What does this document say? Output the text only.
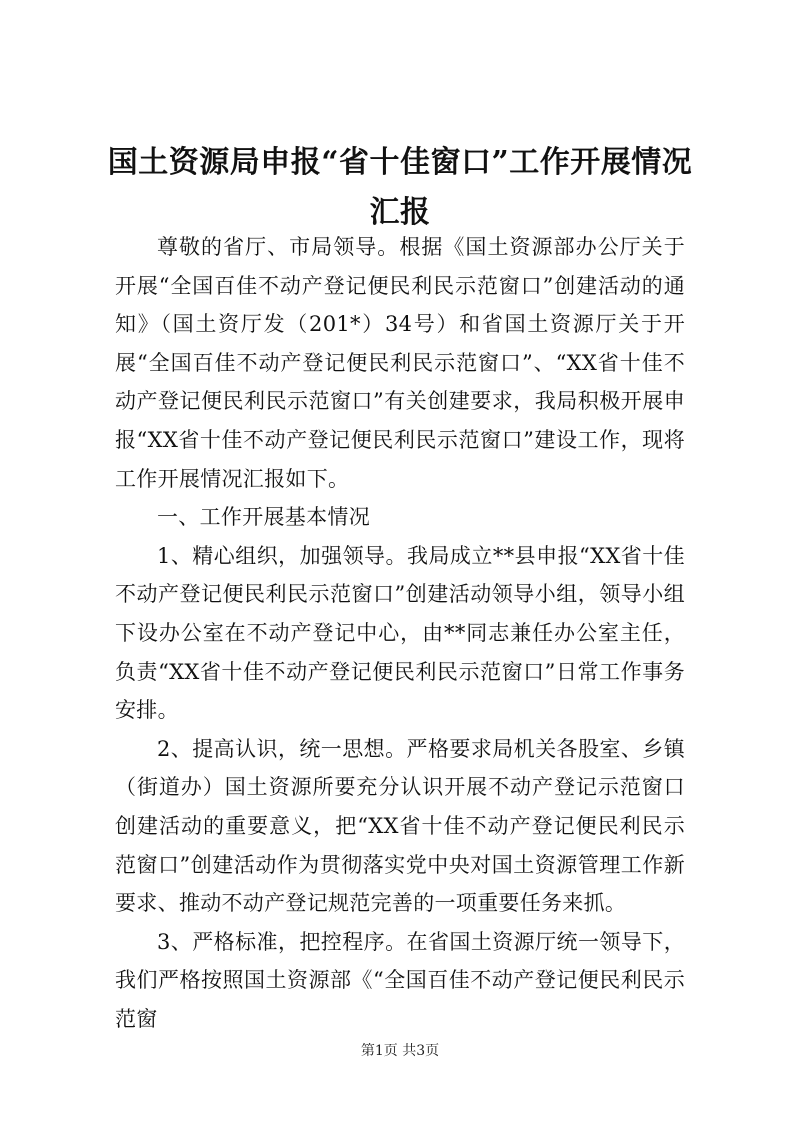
国土资源局申报“省十佳窗口”工作开展情况
汇报

尊敬的省厅、市局领导。根据《国土资源部办公厅关于开展“全国百佳不动产登记便民利民示范窗口”创建活动的通知》（国土资厅发（201*）34号）和省国土资源厅关于开展“全国百佳不动产登记便民利民示范窗口”、“XX省十佳不动产登记便民利民示范窗口”有关创建要求，我局积极开展申报“XX省十佳不动产登记便民利民示范窗口”建设工作，现将工作开展情况汇报如下。

一、工作开展基本情况

1、精心组织，加强领导。我局成立**县申报“XX省十佳不动产登记便民利民示范窗口”创建活动领导小组，领导小组下设办公室在不动产登记中心，由**同志兼任办公室主任，负责“XX省十佳不动产登记便民利民示范窗口”日常工作事务安排。

2、提高认识，统一思想。严格要求局机关各股室、乡镇（街道办）国土资源所要充分认识开展不动产登记示范窗口创建活动的重要意义，把“XX省十佳不动产登记便民利民示范窗口”创建活动作为贯彻落实党中央对国土资源管理工作新要求、推动不动产登记规范完善的一项重要任务来抓。

3、严格标准，把控程序。在省国土资源厅统一领导下，我们严格按照国土资源部《“全国百佳不动产登记便民利民示范窗

第1页 共3页
